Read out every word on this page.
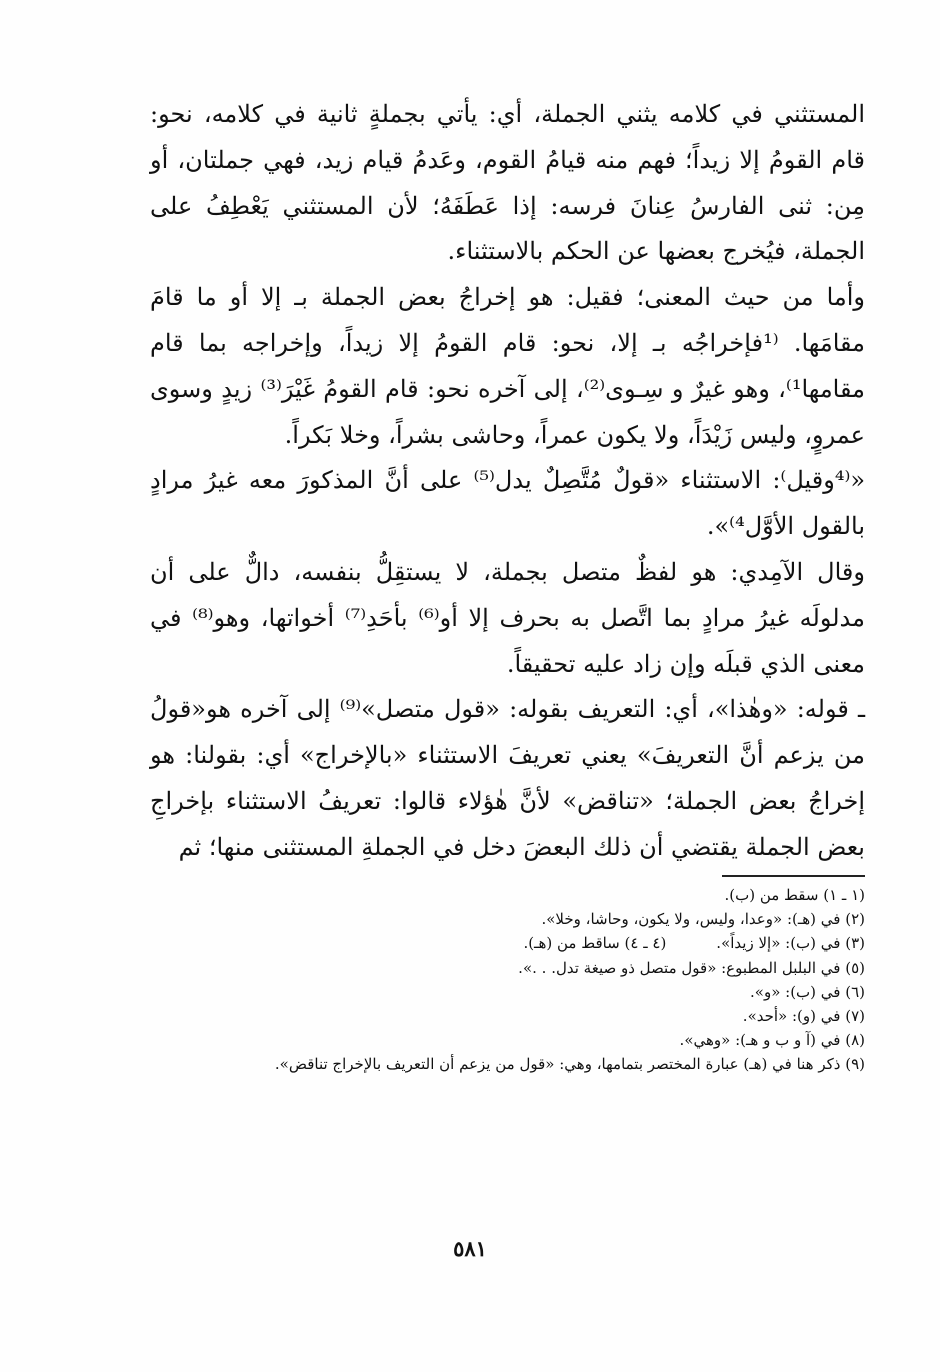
المستثني في كلامه يثني الجملة، أي: يأتي بجملةٍ ثانية في كلامه، نحو: قام القومُ إلا زيداً؛ فهم منه قيامُ القوم، وعَدمُ قيام زيد، فهي جملتان، أو مِن: ثنى الفارسُ عِنانَ فرسه: إذا عَطَفَهُ؛ لأن المستثني يَعْطِفُ على الجملة، فيُخرج بعضها عن الحكم بالاستثناء.

وأما من حيث المعنى؛ فقيل: هو إخراجُ بعض الجملة بـ إلا أو ما قامَ مقامَها. ⁽¹فإخراجُه بـ إلا، نحو: قام القومُ إلا زيداً، وإخراجه بما قام مقامها¹⁾، وهو غيرٌ و سِـوى⁽²⁾، إلى آخره نحو: قام القومُ غَيْرَ⁽³⁾ زيدٍ وسوى عمروٍ، وليس زَيْدَاً، ولا يكون عمراً، وحاشى بشراً، وخلا بَكراً.

«⁽⁴وقيل⁾: الاستثناء «قولٌ مُتَّصِلٌ يدل⁽⁵⁾ على أنَّ المذكورَ معه غيرُ مرادٍ بالقول الأوَّل⁴⁾».

وقال الآمِدي: هو لفظٌ متصل بجملة، لا يستقِلُّ بنفسه، دالٌّ على أن مدلولَه غيرُ مرادٍ بما اتَّصل به بحرف إلا أو⁽⁶⁾ بأحَدِ⁽⁷⁾ أخواتها، وهو⁽⁸⁾ في معنى الذي قبلَه وإن زاد عليه تحقيقاً.

ـ قوله: «وهٰذا»، أي: التعريف بقوله: «قول متصل»⁽⁹⁾ إلى آخره هو«قولُ من يزعم أنَّ التعريفَ» يعني تعريفَ الاستثناء «بالإخراج» أي: بقولنا: هو إخراجُ بعض الجملة؛ «تناقض» لأنَّ هٰؤلاء قالوا: تعريفُ الاستثناء بإخراجِ بعض الجملة يقتضي أن ذلك البعضَ دخل في الجملةِ المستثنى منها؛ ثم

(١ ـ ١) سقط من (ب).
(٢) في (هـ): «وعدا، وليس، ولا يكون، وحاشا، وخلا».
(٣) في (ب): «إلا زيداً».
(٤ ـ ٤) ساقط من (هـ).
(٥) في البلبل المطبوع: «قول متصل ذو صيغة تدل. . .».
(٦) في (ب): «و».
(٧) في (و): «أحد».
(٨) في (آ و ب و هـ): «وهي».
(٩) ذكر هنا في (هـ) عبارة المختصر بتمامها، وهي: «قول من يزعم أن التعريف بالإخراج تناقض».
٥٨١
